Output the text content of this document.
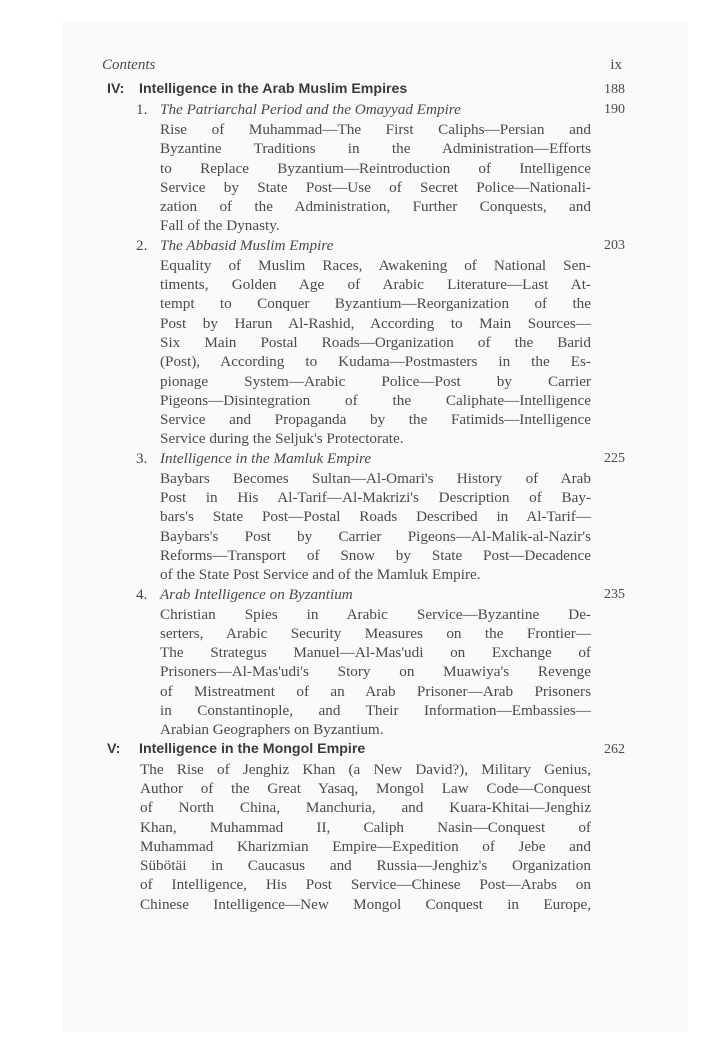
Contents	ix
IV: Intelligence in the Arab Muslim Empires	188
1. The Patriarchal Period and the Omayyad Empire	190
Rise of Muhammad—The First Caliphs—Persian and
Byzantine Traditions in the Administration—Efforts
to Replace Byzantium—Reintroduction of Intelligence
Service by State Post—Use of Secret Police—Nationali-
zation of the Administration, Further Conquests, and
Fall of the Dynasty.
2. The Abbasid Muslim Empire	203
Equality of Muslim Races, Awakening of National Sen-
timents, Golden Age of Arabic Literature—Last At-
tempt to Conquer Byzantium—Reorganization of the
Post by Harun Al-Rashid, According to Main Sources—
Six Main Postal Roads—Organization of the Barid
(Post), According to Kudama—Postmasters in the Es-
pionage System—Arabic Police—Post by Carrier
Pigeons—Disintegration of the Caliphate—Intelligence
Service and Propaganda by the Fatimids—Intelligence
Service during the Seljuk's Protectorate.
3. Intelligence in the Mamluk Empire	225
Baybars Becomes Sultan—Al-Omari's History of Arab
Post in His Al-Tarif—Al-Makrizi's Description of Bay-
bars's State Post—Postal Roads Described in Al-Tarif—
Baybars's Post by Carrier Pigeons—Al-Malik-al-Nazir's
Reforms—Transport of Snow by State Post—Decadence
of the State Post Service and of the Mamluk Empire.
4. Arab Intelligence on Byzantium	235
Christian Spies in Arabic Service—Byzantine De-
serters, Arabic Security Measures on the Frontier—
The Strategus Manuel—Al-Mas'udi on Exchange of
Prisoners—Al-Mas'udi's Story on Muawiya's Revenge
of Mistreatment of an Arab Prisoner—Arab Prisoners
in Constantinople, and Their Information—Embassies—
Arabian Geographers on Byzantium.
V: Intelligence in the Mongol Empire	262
The Rise of Jenghiz Khan (a New David?), Military Genius,
Author of the Great Yasaq, Mongol Law Code—Conquest
of North China, Manchuria, and Kuara-Khitai—Jenghiz
Khan, Muhammad II, Caliph Nasin—Conquest of
Muhammad Kharizmian Empire—Expedition of Jebe and
Sübötäi in Caucasus and Russia—Jenghiz's Organization
of Intelligence, His Post Service—Chinese Post—Arabs on
Chinese Intelligence—New Mongol Conquest in Europe,
